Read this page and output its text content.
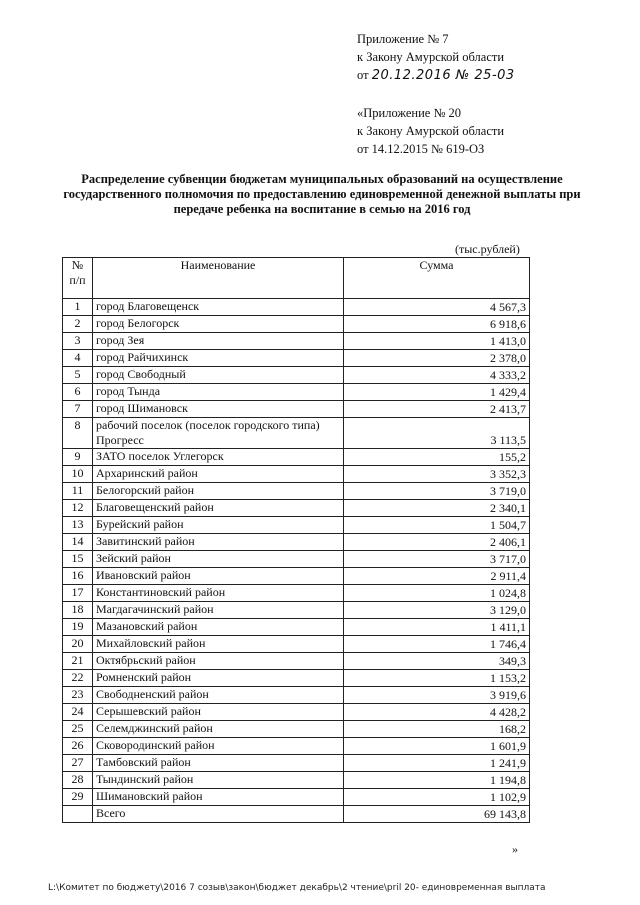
Приложение № 7
к Закону Амурской области
от 20.12.2016 № 25-03
«Приложение № 20
к Закону Амурской области
от 14.12.2015 № 619-ОЗ
Распределение субвенции бюджетам муниципальных образований на осуществление государственного полномочия по предоставлению единовременной денежной выплаты при передаче ребенка на воспитание в семью на 2016 год
(тыс.рублей)
№ п/п	Наименование	Сумма
1	город Благовещенск	4 567,3
2	город Белогорск	6 918,6
3	город Зея	1 413,0
4	город Райчихинск	2 378,0
5	город Свободный	4 333,2
6	город Тында	1 429,4
7	город Шимановск	2 413,7
8	рабочий поселок (поселок городского типа) Прогресс	3 113,5
9	ЗАТО поселок Углегорск	155,2
10	Архаринский район	3 352,3
11	Белогорский район	3 719,0
12	Благовещенский район	2 340,1
13	Бурейский район	1 504,7
14	Завитинский район	2 406,1
15	Зейский район	3 717,0
16	Ивановский район	2 911,4
17	Константиновский район	1 024,8
18	Магдагачинский район	3 129,0
19	Мазановский район	1 411,1
20	Михайловский район	1 746,4
21	Октябрьский район	349,3
22	Ромненский район	1 153,2
23	Свободненский район	3 919,6
24	Серышевский район	4 428,2
25	Селемджинский район	168,2
26	Сковородинский район	1 601,9
27	Тамбовский район	1 241,9
28	Тындинский район	1 194,8
29	Шимановский район	1 102,9
	Всего	69 143,8
»
L:\Комитет по бюджету\2016 7 созыв\закон\бюджет декабрь\2 чтение\pril 20- единовременная выплата
